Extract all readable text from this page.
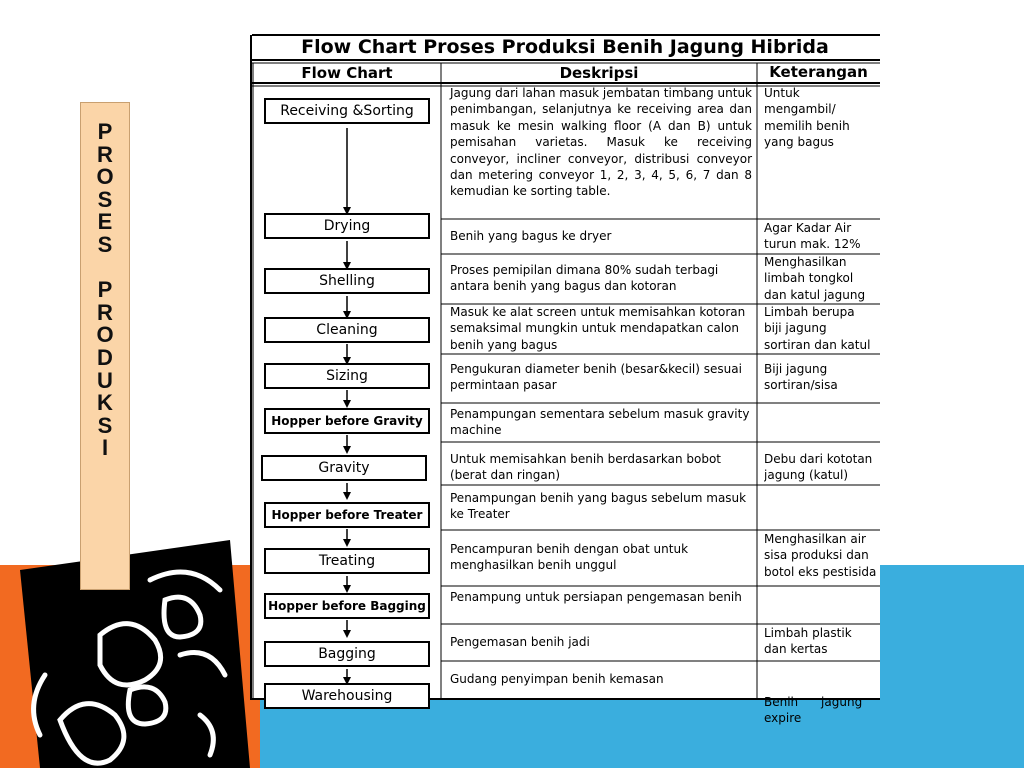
P
R
O
S
E
S

P
R
O
D
U
K
S
I
Flow Chart Proses Produksi Benih Jagung Hibrida
Flow Chart	Deskripsi	Keterangan
Receiving &Sorting
Drying
Shelling
Cleaning
Sizing
Hopper before Gravity
Gravity
Hopper before Treater
Treating
Hopper before Bagging
Bagging
Warehousing
Jagung dari lahan masuk jembatan timbang untuk penimbangan, selanjutnya ke receiving area dan masuk ke mesin walking floor (A dan B) untuk pemisahan varietas. Masuk ke receiving conveyor, incliner conveyor, distribusi conveyor dan metering conveyor 1, 2, 3, 4, 5, 6, 7 dan 8 kemudian ke sorting table.
Benih yang bagus ke dryer
Proses pemipilan dimana 80% sudah terbagi antara benih yang bagus dan kotoran
Masuk ke alat screen untuk memisahkan kotoran semaksimal mungkin untuk mendapatkan calon benih yang bagus
Pengukuran diameter benih (besar&kecil) sesuai permintaan pasar
Penampungan sementara sebelum masuk gravity machine
Untuk memisahkan benih berdasarkan bobot (berat dan ringan)
Penampungan benih yang bagus sebelum masuk ke Treater
Pencampuran benih dengan obat untuk menghasilkan benih unggul
Penampung untuk persiapan pengemasan benih
Pengemasan benih jadi
Gudang penyimpan benih kemasan
Untuk
mengambil/
memilih benih
yang bagus
Agar Kadar Air
turun mak. 12%
Menghasilkan
limbah tongkol
dan katul jagung
Limbah berupa
biji jagung
sortiran dan katul
Biji jagung
sortiran/sisa
Debu dari kototan
jagung (katul)
Menghasilkan air
sisa produksi dan
botol eks pestisida
Limbah plastik
dan kertas

Benih      jagung
expire
